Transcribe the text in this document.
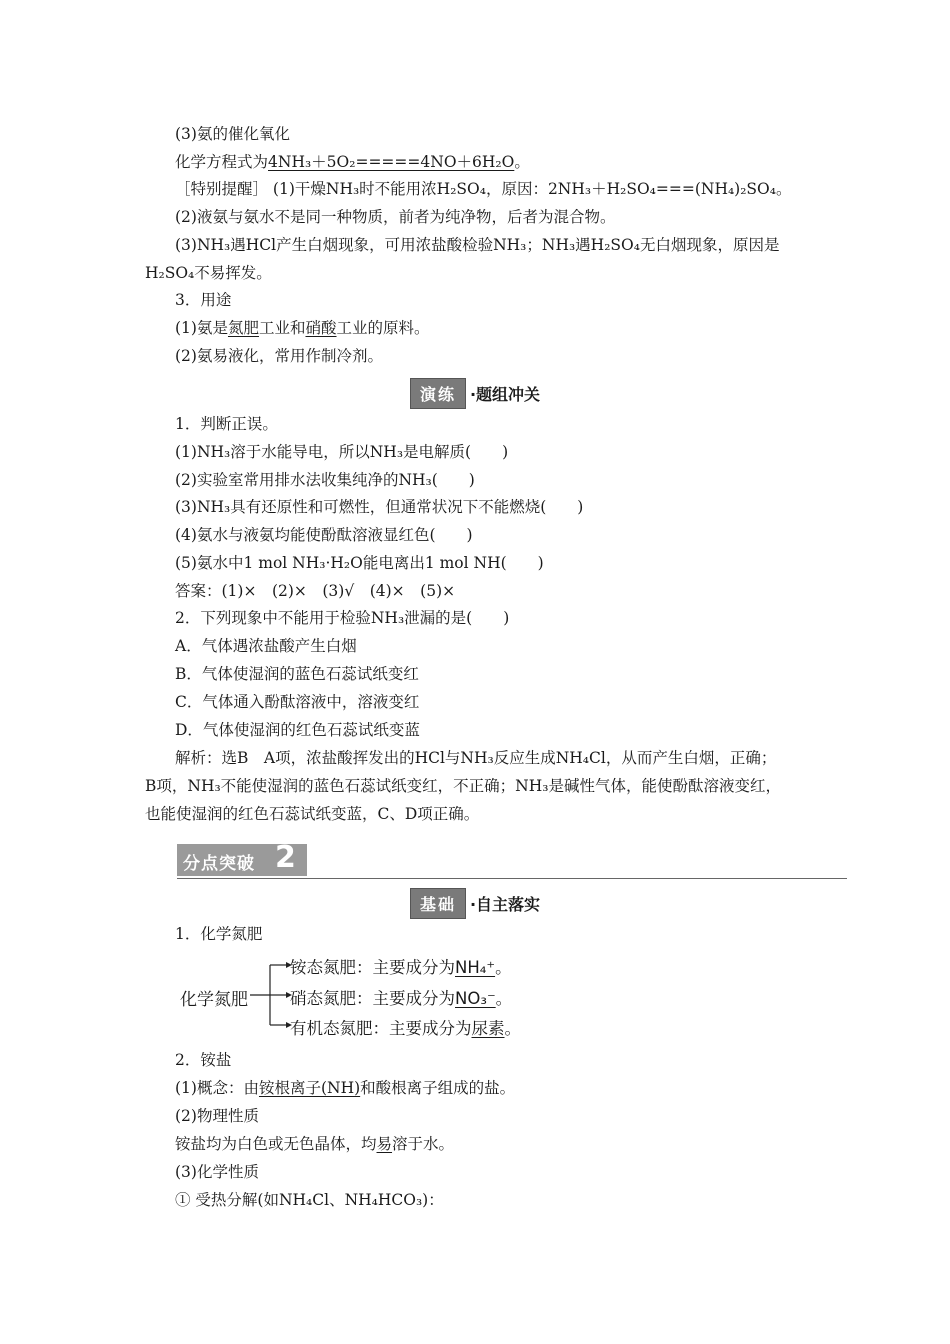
(3)氨的催化氧化
化学方程式为4NH₃＋5O₂=====4NO＋6H₂O。
［特别提醒］ (1)干燥NH₃时不能用浓H₂SO₄，原因：2NH₃＋H₂SO₄===(NH₄)₂SO₄。
(2)液氨与氨水不是同一种物质，前者为纯净物，后者为混合物。
(3)NH₃遇HCl产生白烟现象，可用浓盐酸检验NH₃；NH₃遇H₂SO₄无白烟现象，原因是
H₂SO₄不易挥发。
3．用途
(1)氨是氮肥工业和硝酸工业的原料。
(2)氨易液化，常用作制冷剂。
演练 ·题组冲关
1．判断正误。
(1)NH₃溶于水能导电，所以NH₃是电解质(　　)
(2)实验室常用排水法收集纯净的NH₃(　　)
(3)NH₃具有还原性和可燃性，但通常状况下不能燃烧(　　)
(4)氨水与液氨均能使酚酞溶液显红色(　　)
(5)氨水中1 mol NH₃·H₂O能电离出1 mol NH(　　)
答案：(1)×　(2)×　(3)√　(4)×　(5)×
2．下列现象中不能用于检验NH₃泄漏的是(　　)
A．气体遇浓盐酸产生白烟
B．气体使湿润的蓝色石蕊试纸变红
C．气体通入酚酞溶液中，溶液变红
D．气体使湿润的红色石蕊试纸变蓝
解析：选B　A项，浓盐酸挥发出的HCl与NH₃反应生成NH₄Cl，从而产生白烟，正确；
B项，NH₃不能使湿润的蓝色石蕊试纸变红，不正确；NH₃是碱性气体，能使酚酞溶液变红，
也能使湿润的红色石蕊试纸变蓝，C、D项正确。
分点突破 2
基础 ·自主落实
1．化学氮肥
化学氮肥
铵态氮肥：主要成分为NH₄⁺。
硝态氮肥：主要成分为NO₃⁻。
有机态氮肥：主要成分为尿素。
2．铵盐
(1)概念：由铵根离子(NH)和酸根离子组成的盐。
(2)物理性质
铵盐均为白色或无色晶体，均易溶于水。
(3)化学性质
① 受热分解(如NH₄Cl、NH₄HCO₃)：
